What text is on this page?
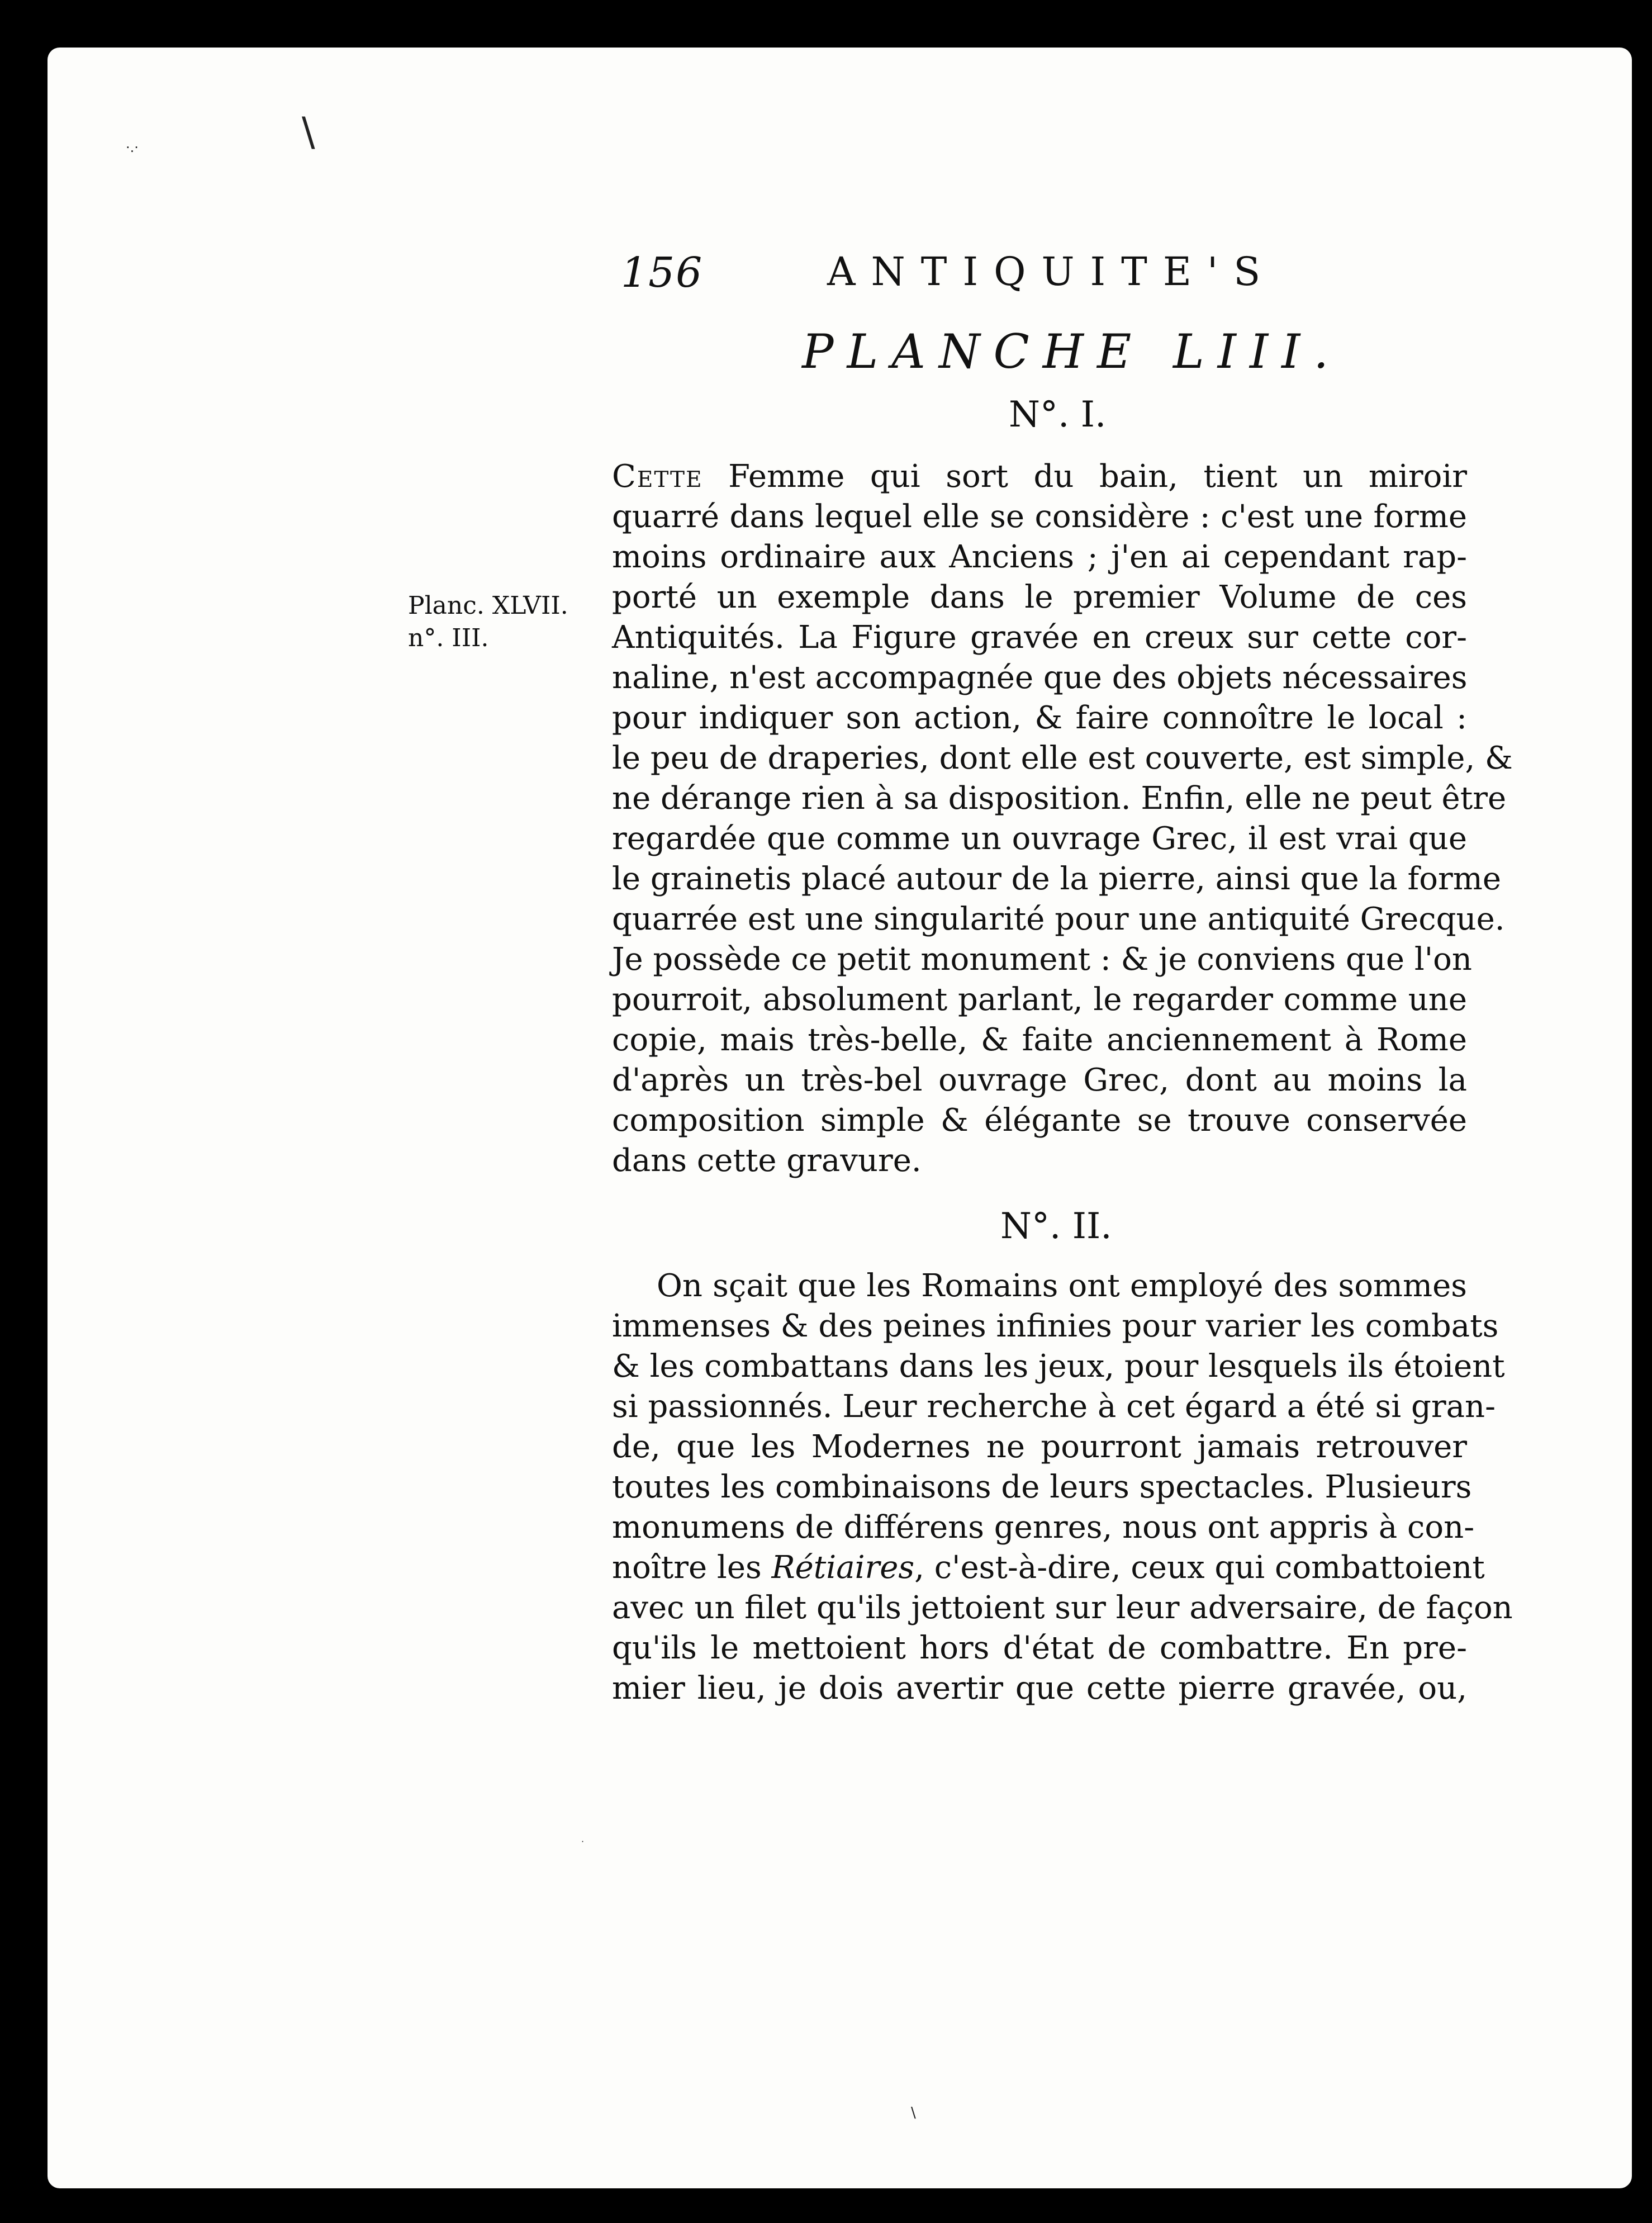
\
·.·
156	ANTIQUITE'S
PLANCHE LIII.
N°. I.
Planc. XLVII.
n°. III.
Cette Femme qui sort du bain, tient un miroir
quarré dans lequel elle se considère : c'est une forme
moins ordinaire aux Anciens ; j'en ai cependant rap-
porté un exemple dans le premier Volume de ces
Antiquités. La Figure gravée en creux sur cette cor-
naline, n'est accompagnée que des objets nécessaires
pour indiquer son action, & faire connoître le local :
le peu de draperies, dont elle est couverte, est simple, &
ne dérange rien à sa disposition. Enfin, elle ne peut être
regardée que comme un ouvrage Grec, il est vrai que
le grainetis placé autour de la pierre, ainsi que la forme
quarrée est une singularité pour une antiquité Grecque.
Je possède ce petit monument : & je conviens que l'on
pourroit, absolument parlant, le regarder comme une
copie, mais très-belle, & faite anciennement à Rome
d'après un très-bel ouvrage Grec, dont au moins la
composition simple & élégante se trouve conservée
dans cette gravure.
N°. II.
On sçait que les Romains ont employé des sommes
immenses & des peines infinies pour varier les combats
& les combattans dans les jeux, pour lesquels ils étoient
si passionnés. Leur recherche à cet égard a été si gran-
de, que les Modernes ne pourront jamais retrouver
toutes les combinaisons de leurs spectacles. Plusieurs
monumens de différens genres, nous ont appris à con-
noître les Rétiaires, c'est-à-dire, ceux qui combattoient
avec un filet qu'ils jettoient sur leur adversaire, de façon
qu'ils le mettoient hors d'état de combattre. En pre-
mier lieu, je dois avertir que cette pierre gravée, ou,
·
\
